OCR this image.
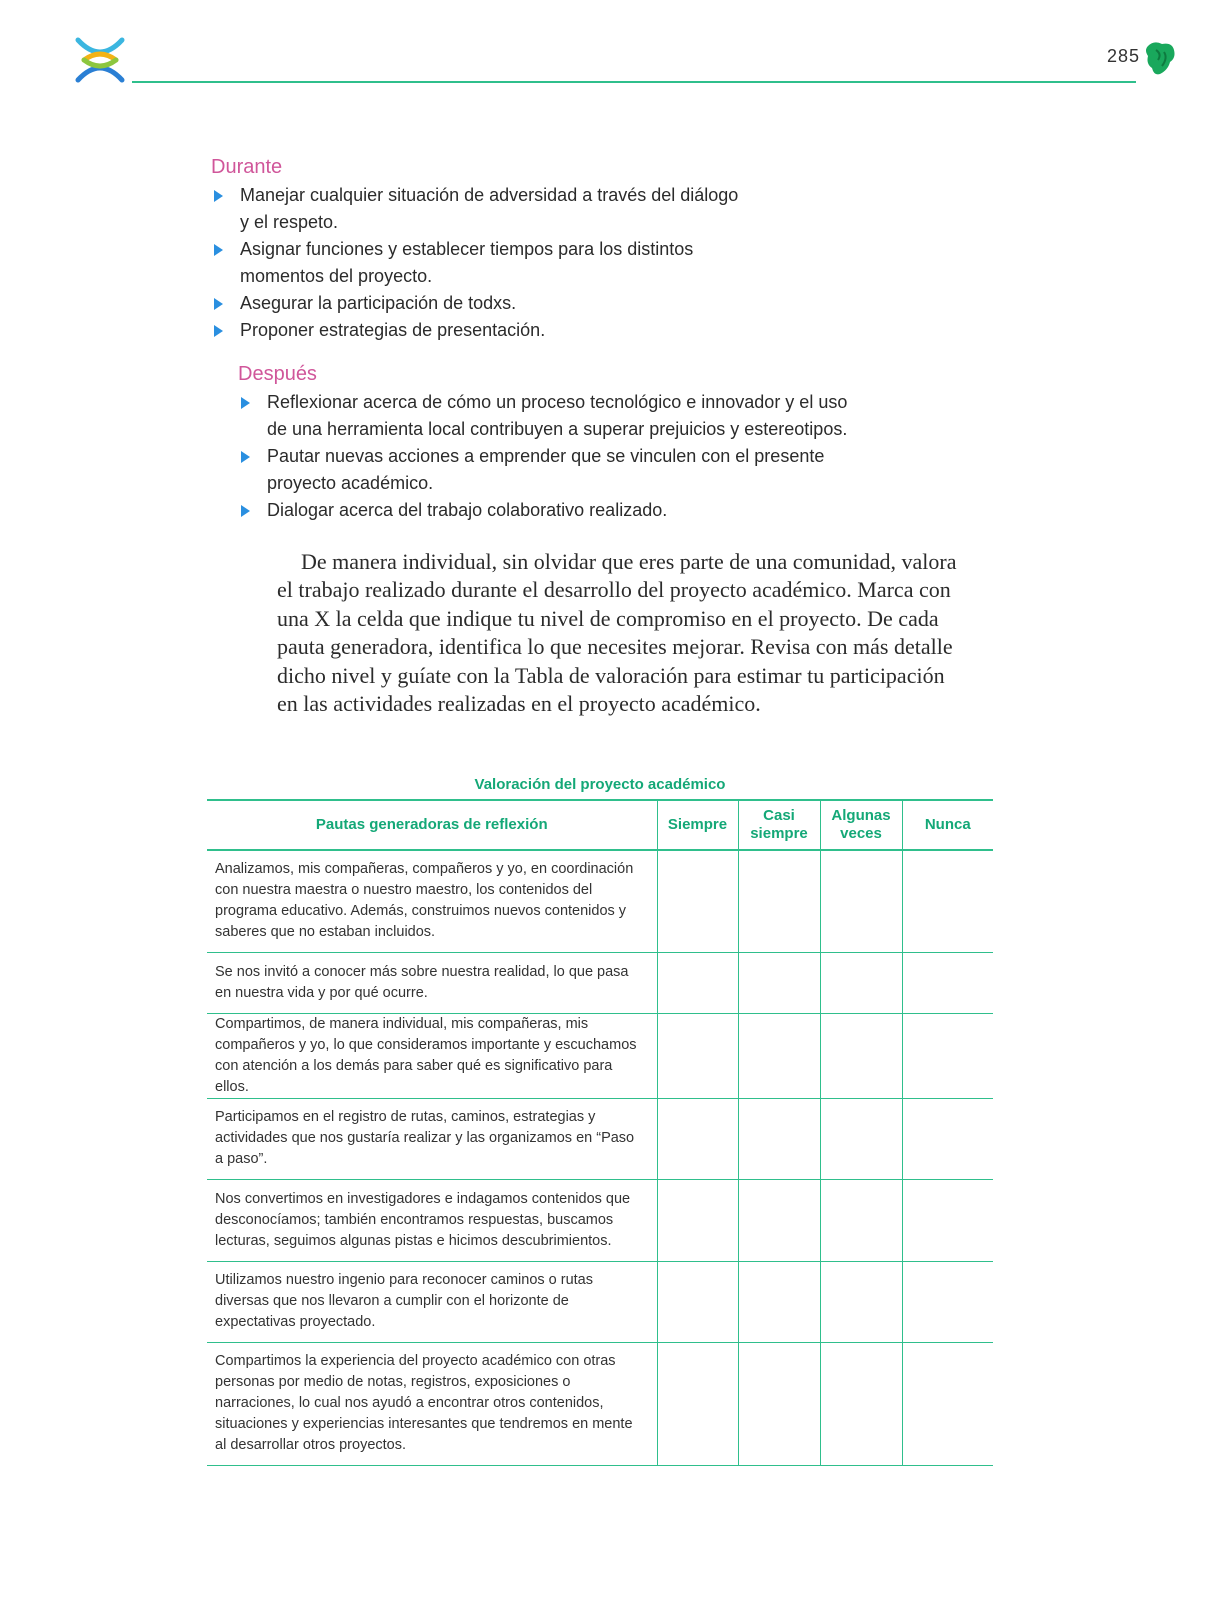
285
Durante
Manejar cualquier situación de adversidad a través del diálogo y el respeto.
Asignar funciones y establecer tiempos para los distintos momentos del proyecto.
Asegurar la participación de todxs.
Proponer estrategias de presentación.
Después
Reflexionar acerca de cómo un proceso tecnológico e innovador y el uso de una herramienta local contribuyen a superar prejuicios y estereotipos.
Pautar nuevas acciones a emprender que se vinculen con el presente proyecto académico.
Dialogar acerca del trabajo colaborativo realizado.

De manera individual, sin olvidar que eres parte de una comunidad, valora el trabajo realizado durante el desarrollo del proyecto académico. Marca con una X la celda que indique tu nivel de compromiso en el proyecto. De cada pauta generadora, identifica lo que necesites mejorar. Revisa con más detalle dicho nivel y guíate con la Tabla de valoración para estimar tu participación en las actividades realizadas en el proyecto académico.

Valoración del proyecto académico
Pautas generadoras de reflexión	Siempre	Casi siempre	Algunas veces	Nunca
Analizamos, mis compañeras, compañeros y yo, en coordinación con nuestra maestra o nuestro maestro, los contenidos del programa educativo. Además, construimos nuevos contenidos y saberes que no estaban incluidos.				
Se nos invitó a conocer más sobre nuestra realidad, lo que pasa en nuestra vida y por qué ocurre.				
Compartimos, de manera individual, mis compañeras, mis compañeros y yo, lo que consideramos importante y escuchamos con atención a los demás para saber qué es significativo para ellos.				
Participamos en el registro de rutas, caminos, estrategias y actividades que nos gustaría realizar y las organizamos en “Paso a paso”.				
Nos convertimos en investigadores e indagamos contenidos que desconocíamos; también encontramos respuestas, buscamos lecturas, seguimos algunas pistas e hicimos descubrimientos.				
Utilizamos nuestro ingenio para reconocer caminos o rutas diversas que nos llevaron a cumplir con el horizonte de expectativas proyectado.				
Compartimos la experiencia del proyecto académico con otras personas por medio de notas, registros, exposiciones o narraciones, lo cual nos ayudó a encontrar otros contenidos, situaciones y experiencias interesantes que tendremos en mente al desarrollar otros proyectos.				
